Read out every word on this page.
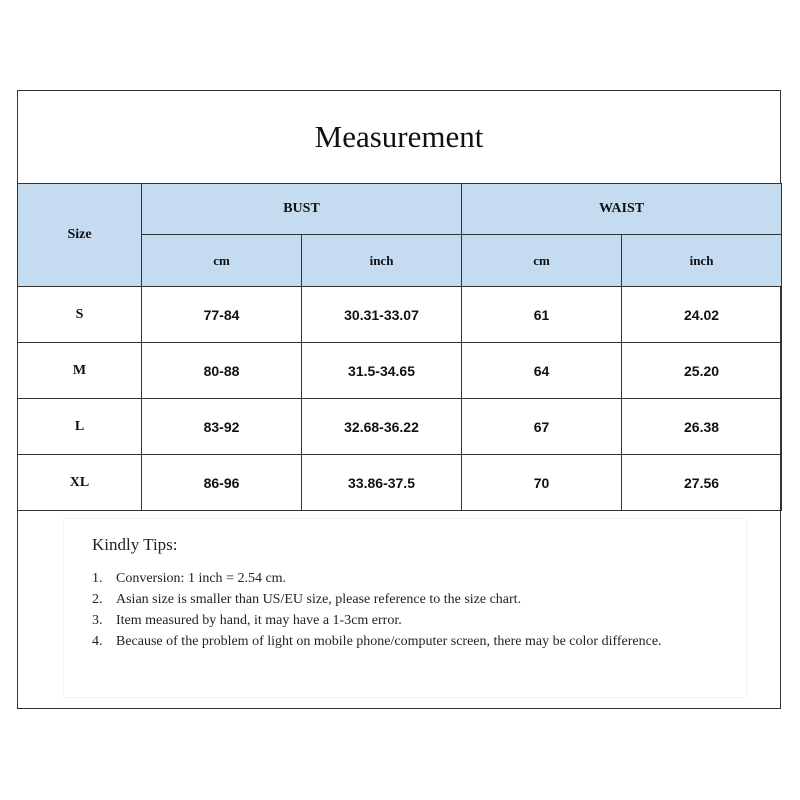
Measurement
Size	BUST		WAIST	
	cm	inch	cm	inch
S	77-84	30.31-33.07	61	24.02
M	80-88	31.5-34.65	64	25.20
L	83-92	32.68-36.22	67	26.38
XL	86-96	33.86-37.5	70	27.56
Kindly Tips:
1. Conversion: 1 inch = 2.54 cm.
2. Asian size is smaller than US/EU size, please reference to the size chart.
3. Item measured by hand, it may have a 1-3cm error.
4. Because of the problem of light on mobile phone/computer screen, there may be color difference.
